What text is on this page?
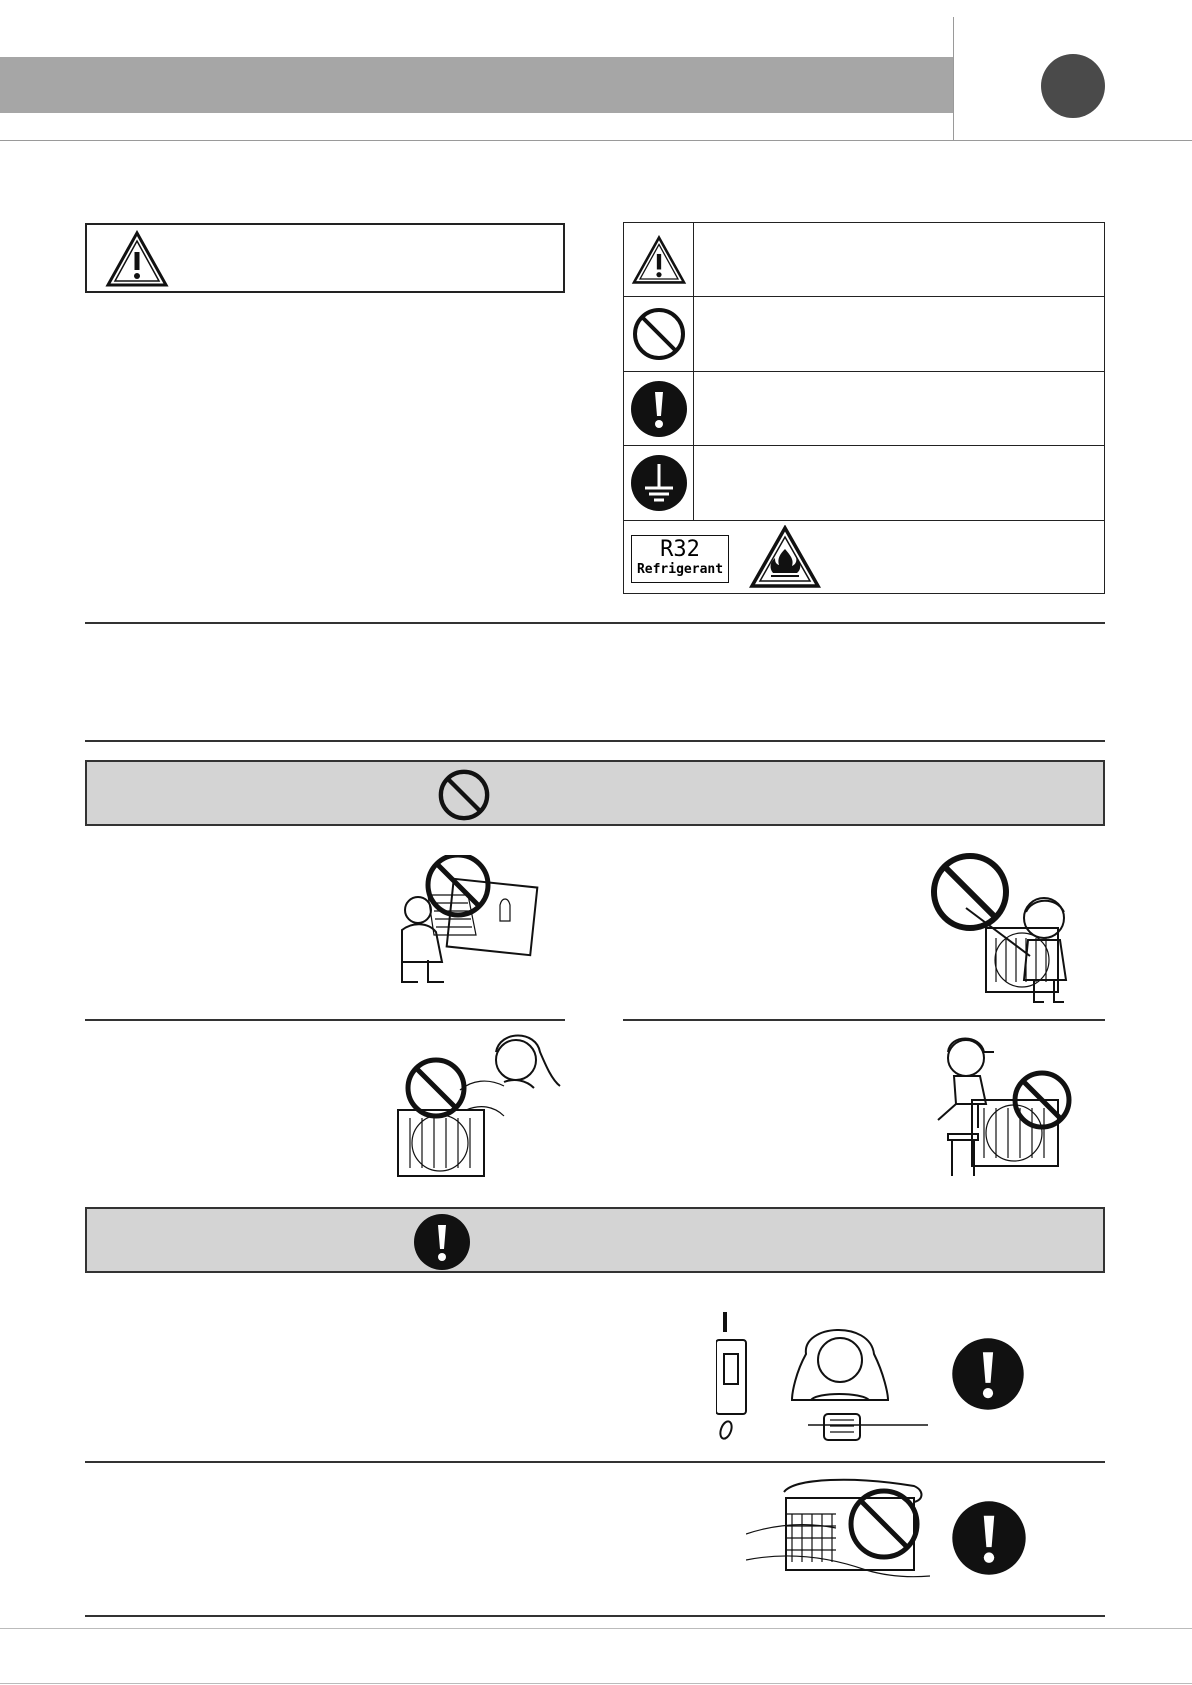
R32
Refrigerant
